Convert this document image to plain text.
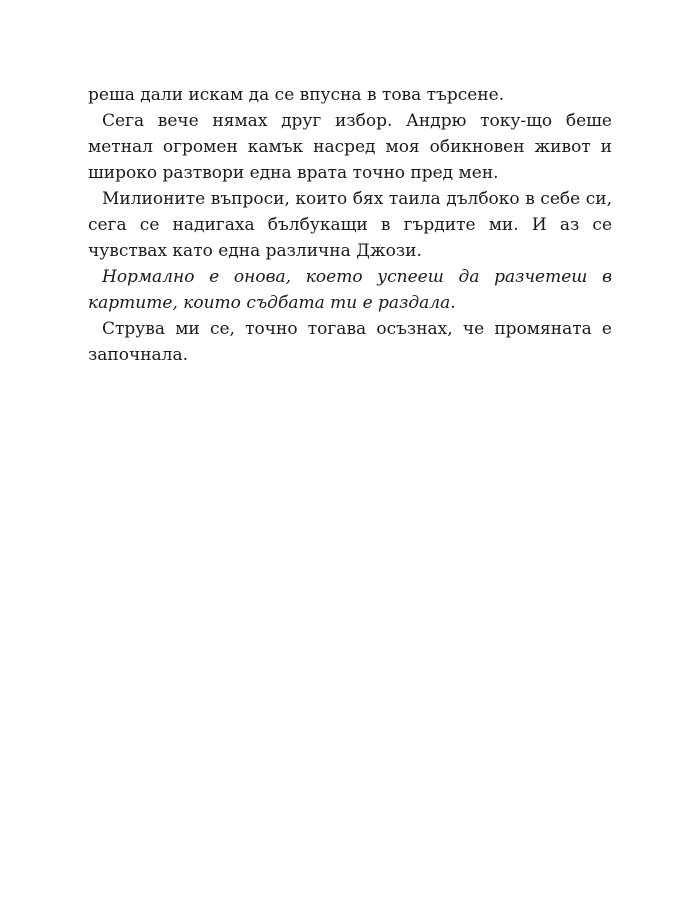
реша дали искам да се впусна в това търсене.

Сега вече нямах друг избор. Андрю току-що беше метнал огромен камък насред моя обикновен живот и широко разтвори една врата точно пред мен.

Милионите въпроси, които бях таила дълбоко в себе си, сега се надигаха бълбукащи в гърдите ми. И аз се чувствах като една различна Джози.

Нормално е онова, което успееш да разчетеш в картите, които съдбата ти е раздала.

Струва ми се, точно тогава осъзнах, че промяната е започнала.
